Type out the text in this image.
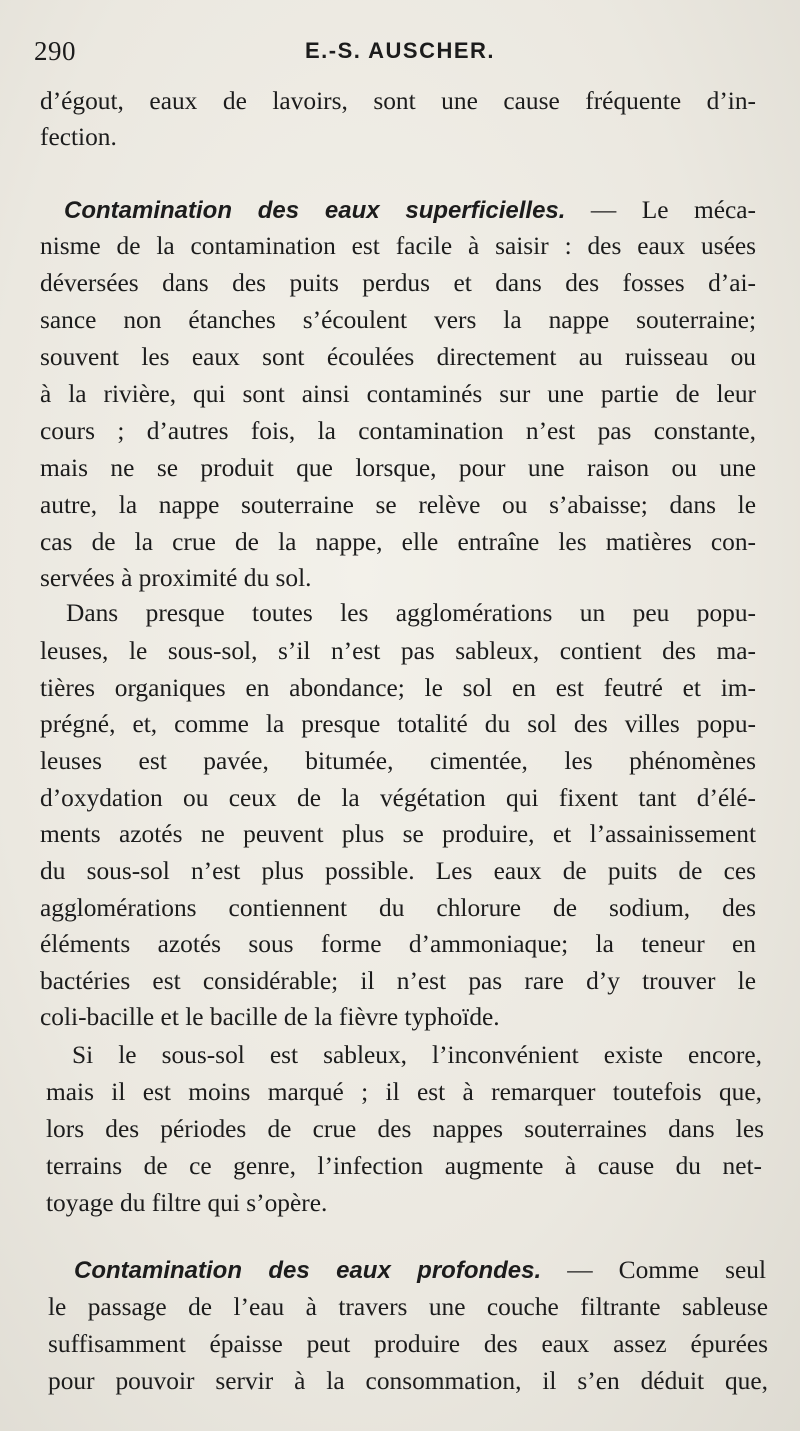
290	E.-S. AUSCHER.
d’égout, eaux de lavoirs, sont une cause fréquente d’in-
fection.
Contamination des eaux superficielles. — Le méca-
nisme de la contamination est facile à saisir : des eaux usées
déversées dans des puits perdus et dans des fosses d’ai-
sance non étanches s’écoulent vers la nappe souterraine;
souvent les eaux sont écoulées directement au ruisseau ou
à la rivière, qui sont ainsi contaminés sur une partie de leur
cours ; d’autres fois, la contamination n’est pas constante,
mais ne se produit que lorsque, pour une raison ou une
autre, la nappe souterraine se relève ou s’abaisse; dans le
cas de la crue de la nappe, elle entraîne les matières con-
servées à proximité du sol.
Dans presque toutes les agglomérations un peu popu-
leuses, le sous-sol, s’il n’est pas sableux, contient des ma-
tières organiques en abondance; le sol en est feutré et im-
prégné, et, comme la presque totalité du sol des villes popu-
leuses est pavée, bitumée, cimentée, les phénomènes
d’oxydation ou ceux de la végétation qui fixent tant d’élé-
ments azotés ne peuvent plus se produire, et l’assainissement
du sous-sol n’est plus possible. Les eaux de puits de ces
agglomérations contiennent du chlorure de sodium, des
éléments azotés sous forme d’ammoniaque; la teneur en
bactéries est considérable; il n’est pas rare d’y trouver le
coli-bacille et le bacille de la fièvre typhoïde.
Si le sous-sol est sableux, l’inconvénient existe encore,
mais il est moins marqué ; il est à remarquer toutefois que,
lors des périodes de crue des nappes souterraines dans les
terrains de ce genre, l’infection augmente à cause du net-
toyage du filtre qui s’opère.
Contamination des eaux profondes. — Comme seul
le passage de l’eau à travers une couche filtrante sableuse
suffisamment épaisse peut produire des eaux assez épurées
pour pouvoir servir à la consommation, il s’en déduit que,
